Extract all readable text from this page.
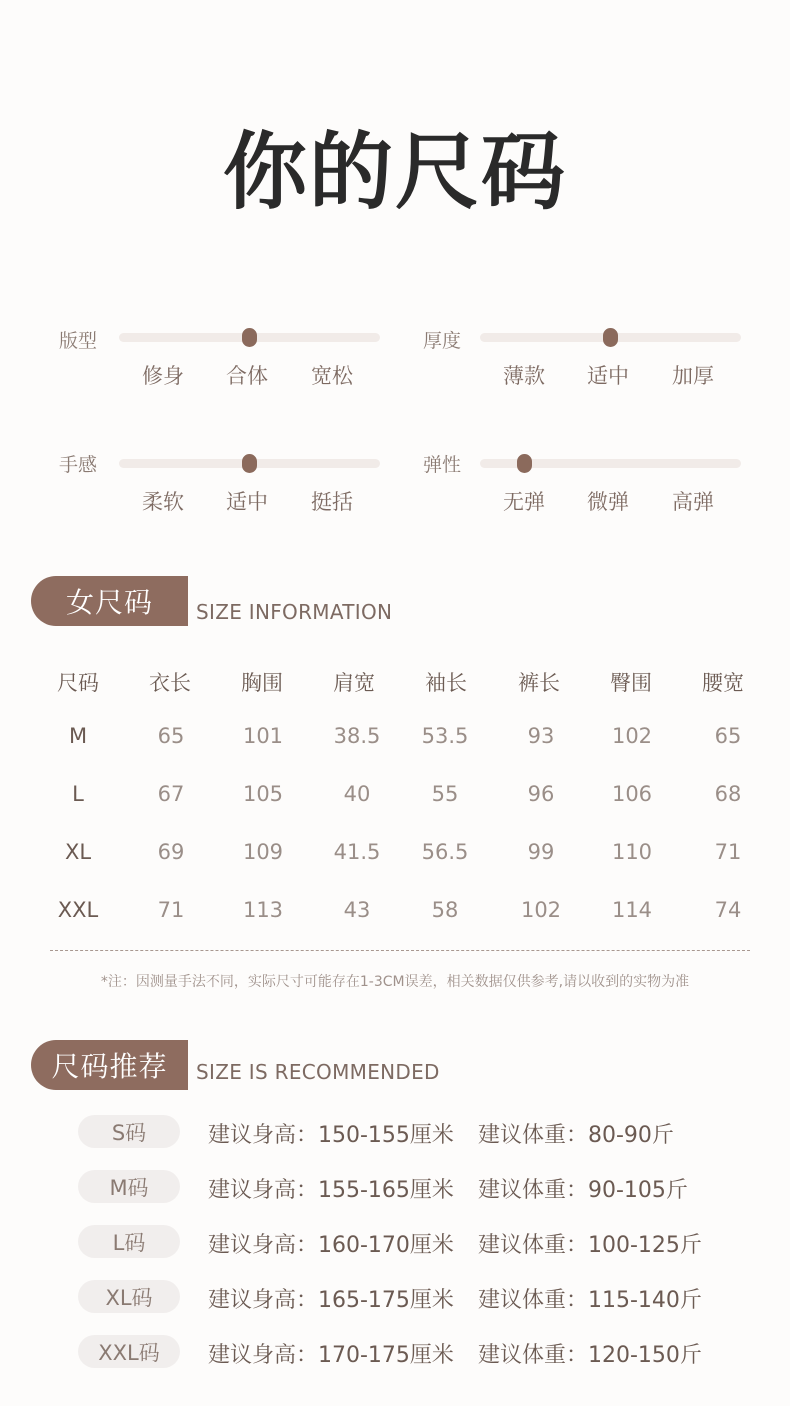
你的尺码
版型
修身	合体	宽松
厚度
薄款	适中	加厚
手感
柔软	适中	挺括
弹性
无弹	微弹	高弹
女尺码	SIZE INFORMATION
尺码	衣长	胸围	肩宽	袖长	裤长	臀围	腰宽
M	65	101	38.5	53.5	93	102	65
L	67	105	40	55	96	106	68
XL	69	109	41.5	56.5	99	110	71
XXL	71	113	43	58	102	114	74
*注：因测量手法不同，实际尺寸可能存在1-3CM误差，相关数据仅供参考,请以收到的实物为准
尺码推荐	SIZE IS RECOMMENDED
S码	建议身高：150-155厘米 建议体重：80-90斤
M码	建议身高：155-165厘米 建议体重：90-105斤
L码	建议身高：160-170厘米 建议体重：100-125斤
XL码	建议身高：165-175厘米 建议体重：115-140斤
XXL码	建议身高：170-175厘米 建议体重：120-150斤
